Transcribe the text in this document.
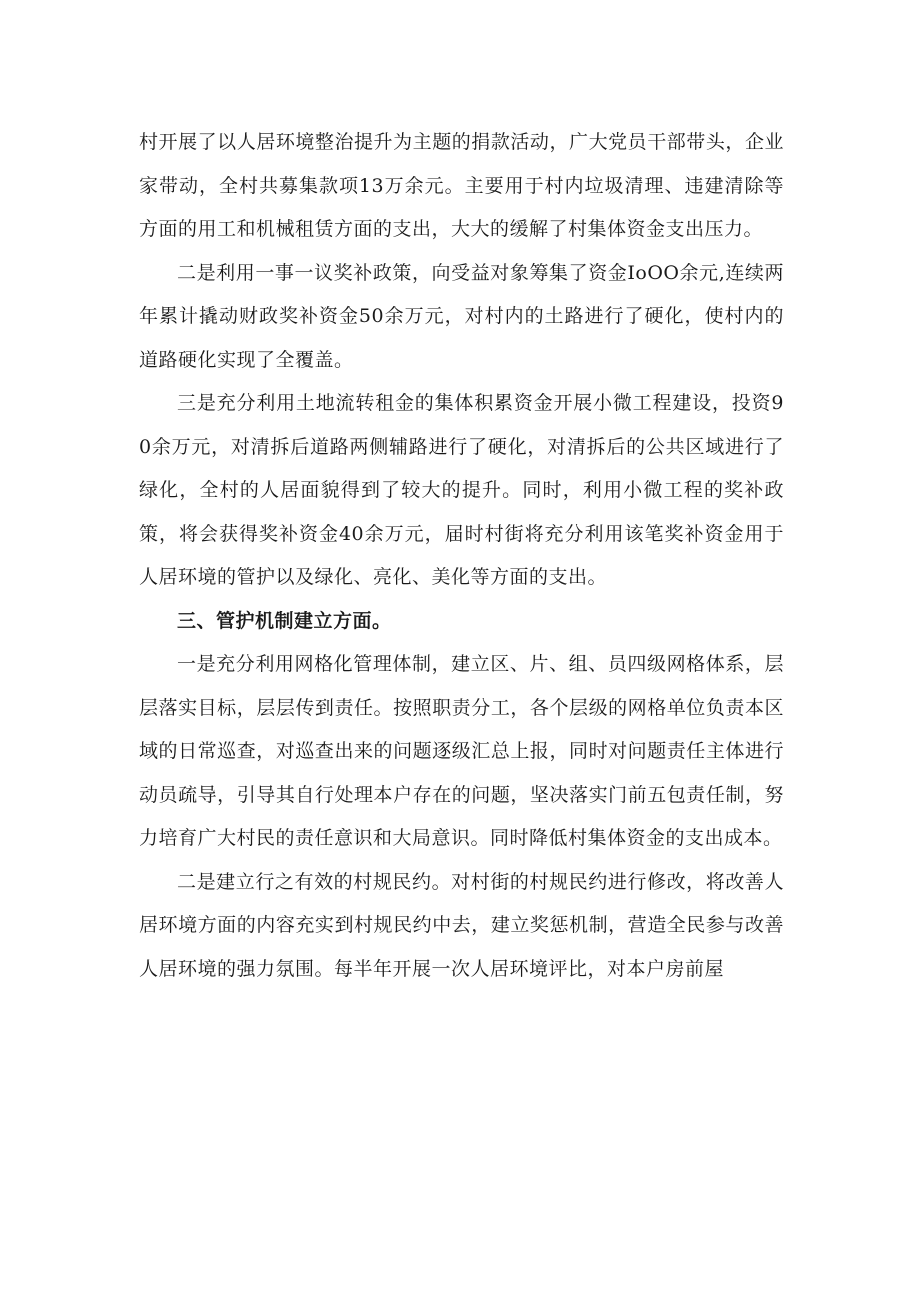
村开展了以人居环境整治提升为主题的捐款活动，广大党员干部带头，企业家带动，全村共募集款项13万余元。主要用于村内垃圾清理、违建清除等方面的用工和机械租赁方面的支出，大大的缓解了村集体资金支出压力。

二是利用一事一议奖补政策，向受益对象筹集了资金IoOO余元,连续两年累计撬动财政奖补资金50余万元，对村内的土路进行了硬化，使村内的道路硬化实现了全覆盖。

三是充分利用土地流转租金的集体积累资金开展小微工程建设，投资90余万元，对清拆后道路两侧辅路进行了硬化，对清拆后的公共区域进行了绿化，全村的人居面貌得到了较大的提升。同时，利用小微工程的奖补政策，将会获得奖补资金40余万元，届时村街将充分利用该笔奖补资金用于人居环境的管护以及绿化、亮化、美化等方面的支出。

三、管护机制建立方面。

一是充分利用网格化管理体制，建立区、片、组、员四级网格体系，层层落实目标，层层传到责任。按照职责分工，各个层级的网格单位负责本区域的日常巡查，对巡查出来的问题逐级汇总上报，同时对问题责任主体进行动员疏导，引导其自行处理本户存在的问题，坚决落实门前五包责任制，努力培育广大村民的责任意识和大局意识。同时降低村集体资金的支出成本。

二是建立行之有效的村规民约。对村街的村规民约进行修改，将改善人居环境方面的内容充实到村规民约中去，建立奖惩机制，营造全民参与改善人居环境的强力氛围。每半年开展一次人居环境评比，对本户房前屋
